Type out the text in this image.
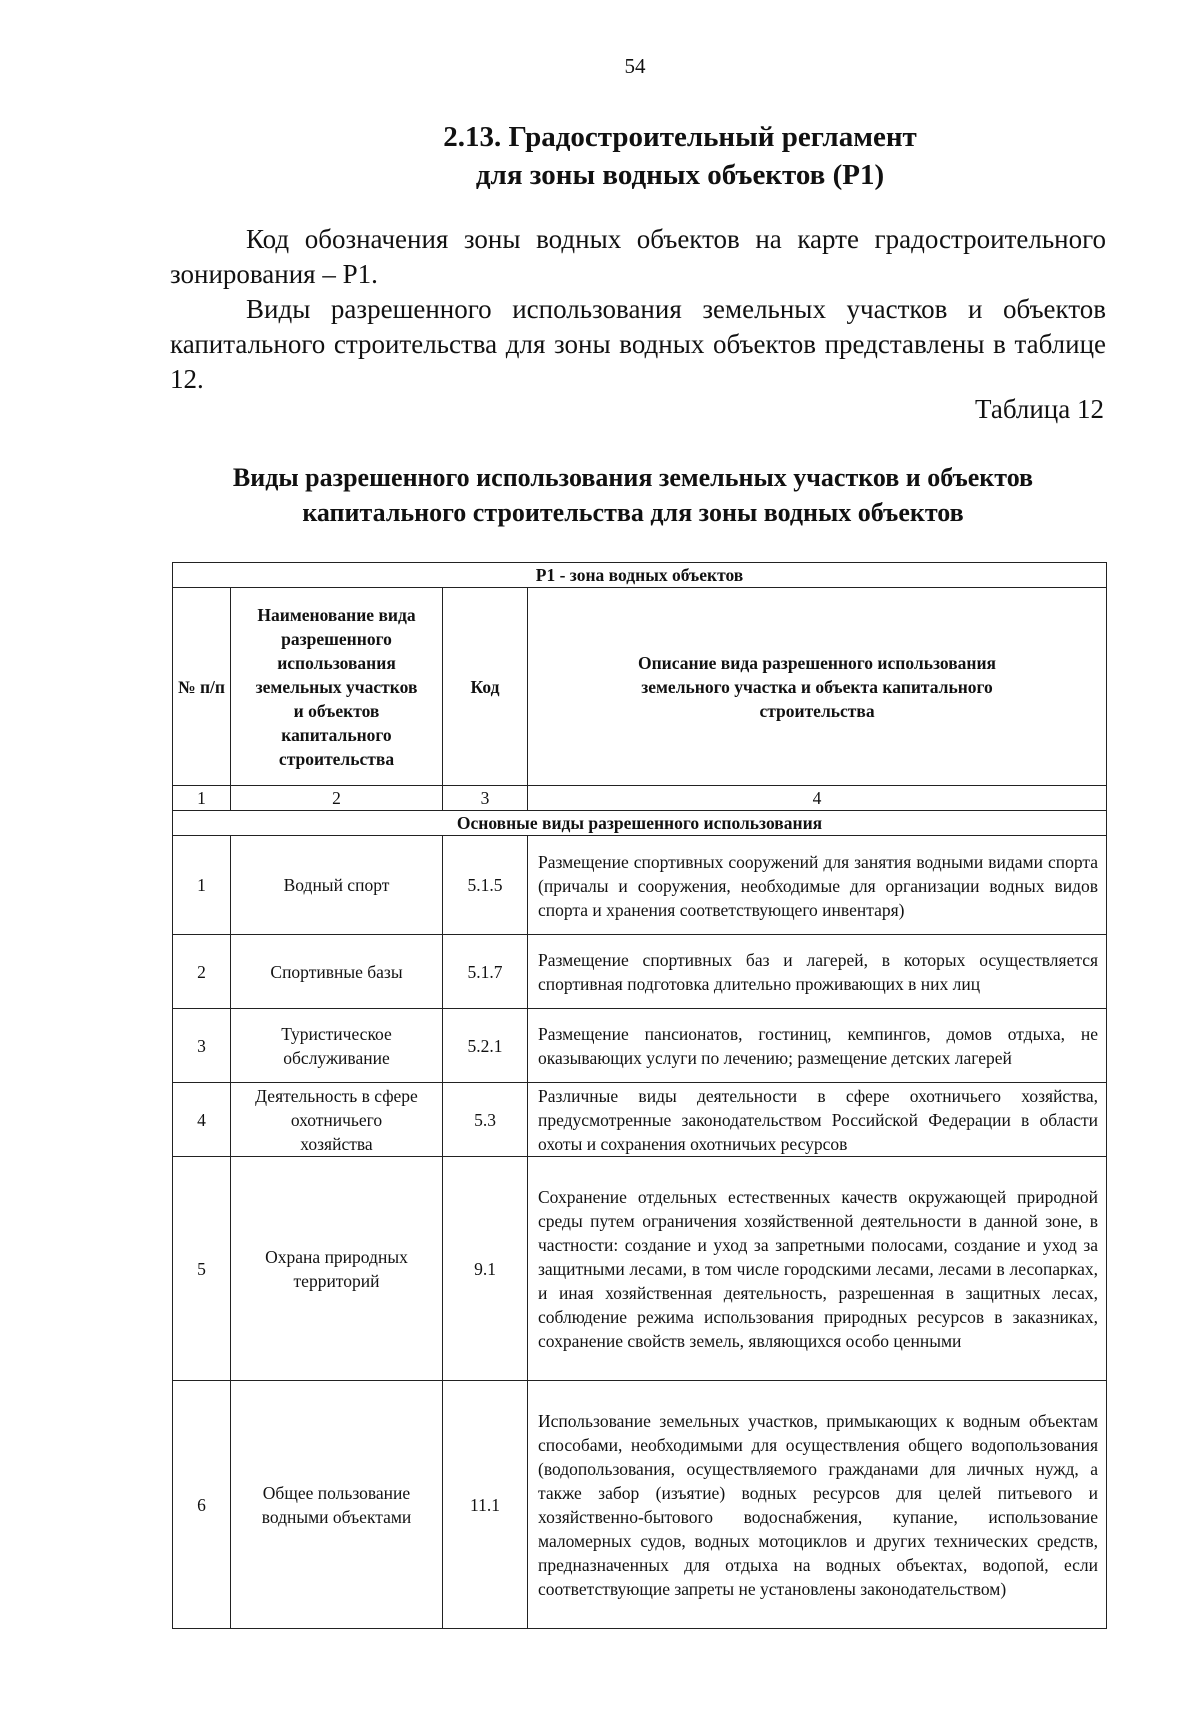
54
2.13. Градостроительный регламент
для зоны водных объектов (Р1)

Код обозначения зоны водных объектов на карте градостроительного зонирования – Р1.

Виды разрешенного использования земельных участков и объектов капитального строительства для зоны водных объектов представлены в таблице 12.

Таблица 12
Виды разрешенного использования земельных участков и объектов
капитального строительства для зоны водных объектов
Р1 - зона водных объектов			
№ п/п	Наименование вида разрешенного использования земельных участков и объектов капитального строительства	Код	Описание вида разрешенного использования земельного участка и объекта капитального строительства
1	2	3	4
Основные виды разрешенного использования			
1	Водный спорт	5.1.5	Размещение спортивных сооружений для занятия водными видами спорта (причалы и сооружения, необходимые для организации водных видов спорта и хранения соответствующего инвентаря)
2	Спортивные базы	5.1.7	Размещение спортивных баз и лагерей, в которых осуществляется спортивная подготовка длительно проживающих в них лиц
3	Туристическое обслуживание	5.2.1	Размещение пансионатов, гостиниц, кемпингов, домов отдыха, не оказывающих услуги по лечению; размещение детских лагерей
4	Деятельность в сфере охотничьего хозяйства	5.3	Различные виды деятельности в сфере охотничьего хозяйства, предусмотренные законодательством Российской Федерации в области охоты и сохранения охотничьих ресурсов
5	Охрана природных территорий	9.1	Сохранение отдельных естественных качеств окружающей природной среды путем ограничения хозяйственной деятельности в данной зоне, в частности: создание и уход за запретными полосами, создание и уход за защитными лесами, в том числе городскими лесами, лесами в лесопарках, и иная хозяйственная деятельность, разрешенная в защитных лесах, соблюдение режима использования природных ресурсов в заказниках, сохранение свойств земель, являющихся особо ценными
6	Общее пользование водными объектами	11.1	Использование земельных участков, примыкающих к водным объектам способами, необходимыми для осуществления общего водопользования (водопользования, осуществляемого гражданами для личных нужд, а также забор (изъятие) водных ресурсов для целей питьевого и хозяйственно-бытового водоснабжения, купание, использование маломерных судов, водных мотоциклов и других технических средств, предназначенных для отдыха на водных объектах, водопой, если соответствующие запреты не установлены законодательством)
